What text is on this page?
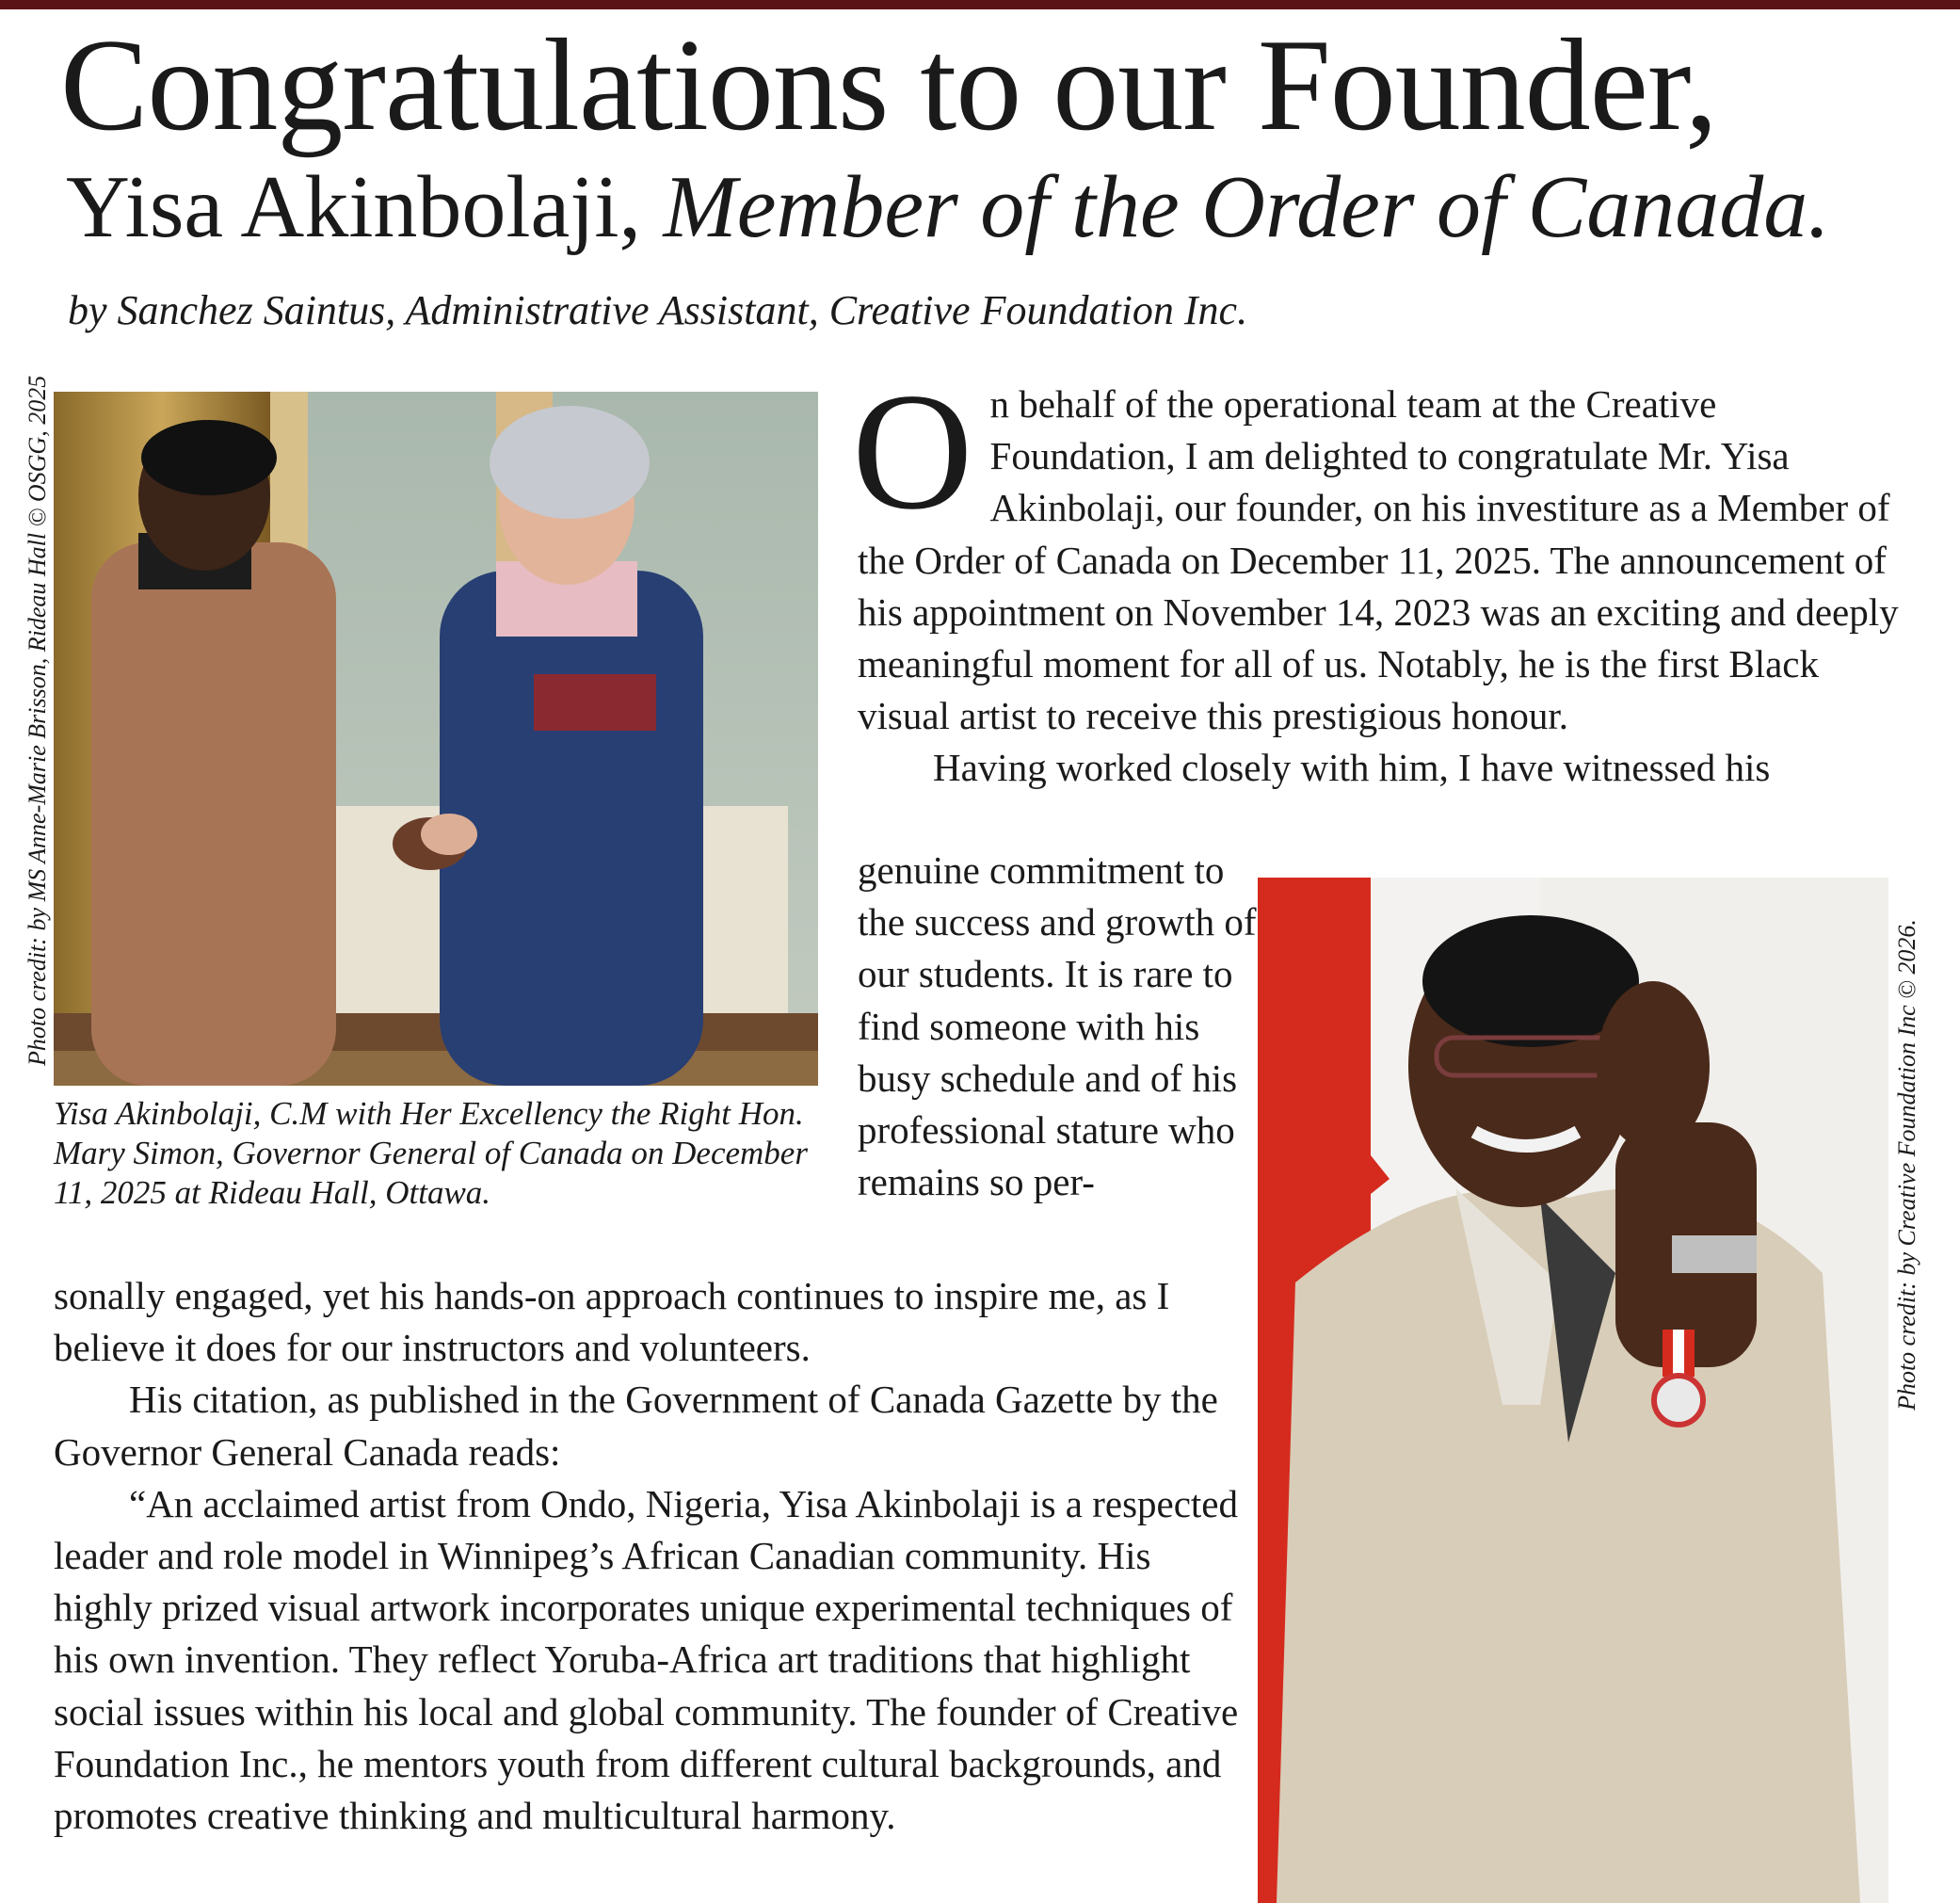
Congratulations to our Founder,
Yisa Akinbolaji, Member of the Order of Canada.

by Sanchez Saintus, Administrative Assistant, Creative Foundation Inc.

Photo credit: by MS Anne-Marie Brisson, Rideau Hall © OSGG, 2025

Yisa Akinbolaji, C.M with Her Excellency the Right Hon. Mary Simon, Governor General of Canada on December 11, 2025 at Rideau Hall, Ottawa.	Photo credit: by Creative Foundation Inc © 2026.

On behalf of the operational team at the Creative Foundation, I am delighted to congratulate Mr. Yisa Akinbolaji, our founder, on his investiture as a Member of the Order of Canada on December 11, 2025. The announcement of his appointment on November 14, 2023 was an exciting and deeply meaningful moment for all of us. Notably, he is the first Black visual artist to receive this prestigious honour.

Having worked closely with him, I have witnessed his

genuine commitment to the success and growth of our students. It is rare to find someone with his busy schedule and of his professional stature who remains so per-

sonally engaged, yet his hands-on approach continues to inspire me, as I believe it does for our instructors and volunteers.

His citation, as published in the Government of Canada Gazette by the Governor General Canada reads:

“An acclaimed artist from Ondo, Nigeria, Yisa Akinbolaji is a respected leader and role model in Winnipeg’s African Canadian community. His highly prized visual artwork incorporates unique experimental techniques of his own invention. They reflect Yoruba-Africa art traditions that highlight social issues within his local and global community. The founder of Creative Foundation Inc., he mentors youth from different cultural backgrounds, and promotes creative thinking and multicultural harmony.
